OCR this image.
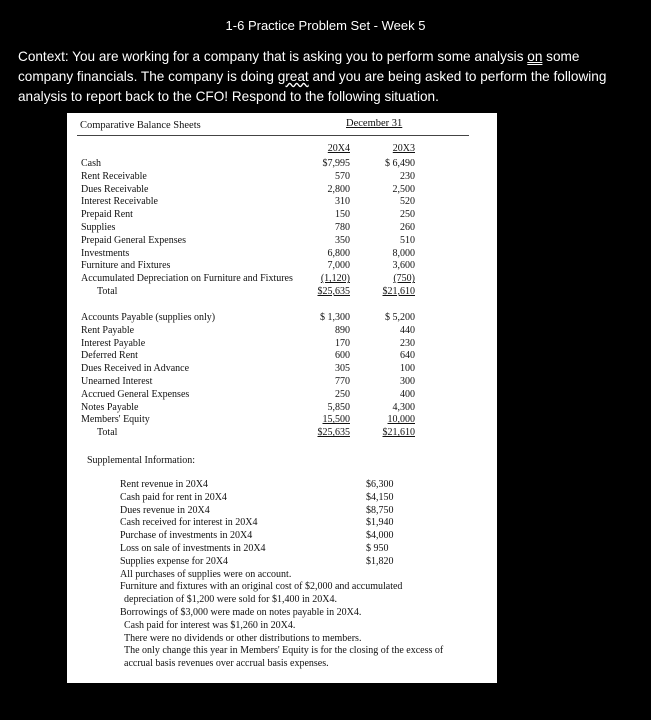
1-6 Practice Problem Set - Week 5
Context: You are working for a company that is asking you to perform some analysis on some company financials. The company is doing great and you are being asked to perform the following analysis to report back to the CFO! Respond to the following situation.
Comparative Balance Sheets	December 31
20X4	20X3
Cash	$7,995	$ 6,490
Rent Receivable	570	230
Dues Receivable	2,800	2,500
Interest Receivable	310	520
Prepaid Rent	150	250
Supplies	780	260
Prepaid General Expenses	350	510
Investments	6,800	8,000
Furniture and Fixtures	7,000	3,600
Accumulated Depreciation on Furniture and Fixtures	(1,120)	(750)
Total	$25,635	$21,610
Accounts Payable (supplies only)	$ 1,300	$ 5,200
Rent Payable	890	440
Interest Payable	170	230
Deferred Rent	600	640
Dues Received in Advance	305	100
Unearned Interest	770	300
Accrued General Expenses	250	400
Notes Payable	5,850	4,300
Members' Equity	15,500	10,000
Total	$25,635	$21,610
Supplemental Information:
Rent revenue in 20X4	$6,300
Cash paid for rent in 20X4	$4,150
Dues revenue in 20X4	$8,750
Cash received for interest in 20X4	$1,940
Purchase of investments in 20X4	$4,000
Loss on sale of investments in 20X4	$ 950
Supplies expense for 20X4	$1,820
All purchases of supplies were on account.
Furniture and fixtures with an original cost of $2,000 and accumulated
depreciation of $1,200 were sold for $1,400 in 20X4.
Borrowings of $3,000 were made on notes payable in 20X4.
Cash paid for interest was $1,260 in 20X4.
There were no dividends or other distributions to members.
The only change this year in Members' Equity is for the closing of the excess of
accrual basis revenues over accrual basis expenses.
